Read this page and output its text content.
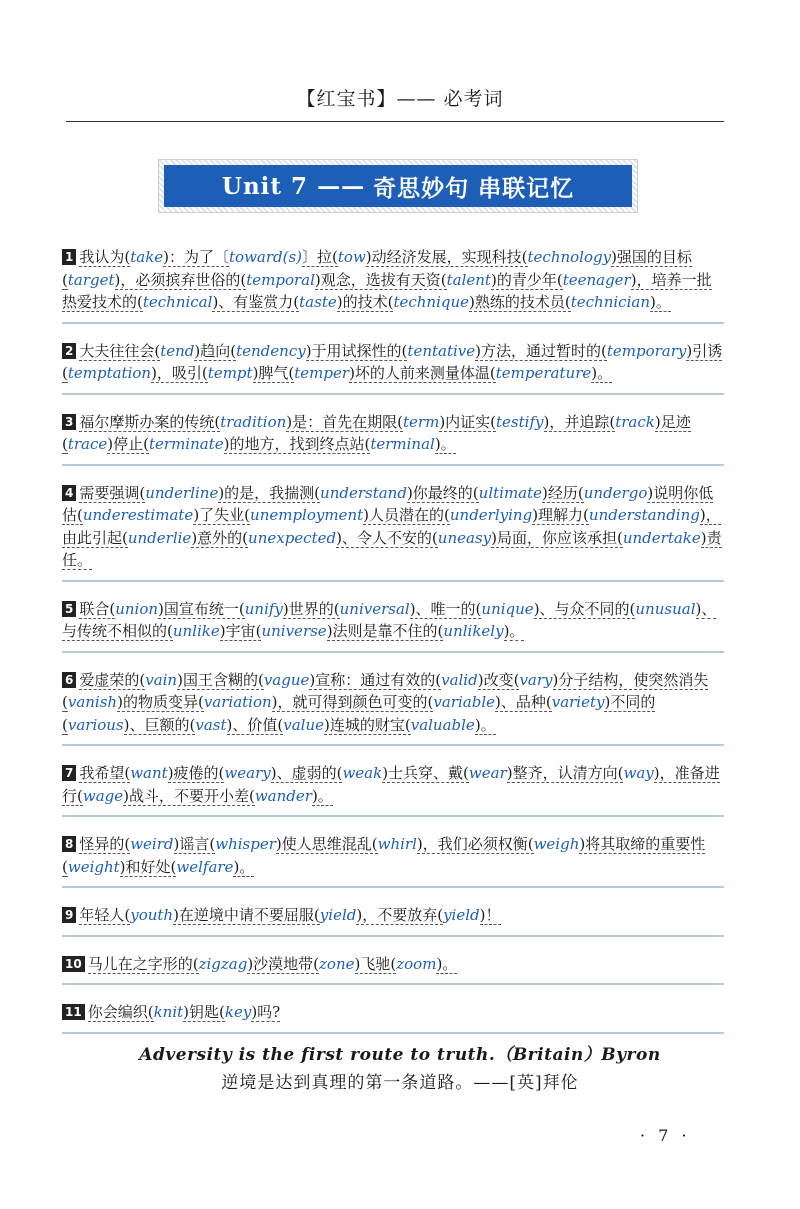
【红宝书】—— 必考词
Unit 7 —— 奇思妙句 串联记忆
1 我认为(take)：为了〔toward(s)〕拉(tow)动经济发展，实现科技(technology)强国的目标(target)，必须摈弃世俗的(temporal)观念，选拔有天资(talent)的青少年(teenager)，培养一批热爱技术的(technical)、有鉴赏力(taste)的技术(technique)熟练的技术员(technician)。
2 大夫往往会(tend)趋向(tendency)于用试探性的(tentative)方法，通过暂时的(temporary)引诱(temptation)，吸引(tempt)脾气(temper)坏的人前来测量体温(temperature)。
3 福尔摩斯办案的传统(tradition)是：首先在期限(term)内证实(testify)，并追踪(track)足迹(trace)停止(terminate)的地方，找到终点站(terminal)。
4 需要强调(underline)的是，我揣测(understand)你最终的(ultimate)经历(undergo)说明你低估(underestimate)了失业(unemployment)人员潜在的(underlying)理解力(understanding)，由此引起(underlie)意外的(unexpected)、令人不安的(uneasy)局面，你应该承担(undertake)责任。
5 联合(union)国宣布统一(unify)世界的(universal)、唯一的(unique)、与众不同的(unusual)、与传统不相似的(unlike)宇宙(universe)法则是靠不住的(unlikely)。
6 爱虚荣的(vain)国王含糊的(vague)宣称：通过有效的(valid)改变(vary)分子结构，使突然消失(vanish)的物质变异(variation)，就可得到颜色可变的(variable)、品种(variety)不同的(various)、巨额的(vast)、价值(value)连城的财宝(valuable)。
7 我希望(want)疲倦的(weary)、虚弱的(weak)士兵穿、戴(wear)整齐，认清方向(way)，准备进行(wage)战斗，不要开小差(wander)。
8 怪异的(weird)谣言(whisper)使人思维混乱(whirl)，我们必须权衡(weigh)将其取缔的重要性(weight)和好处(welfare)。
9 年轻人(youth)在逆境中请不要屈服(yield)，不要放弃(yield)！
10 马儿在之字形的(zigzag)沙漠地带(zone)飞驰(zoom)。
11 你会编织(knit)钥匙(key)吗?
Adversity is the first route to truth.（Britain）Byron
逆境是达到真理的第一条道路。——[英]拜伦
· 7 ·
